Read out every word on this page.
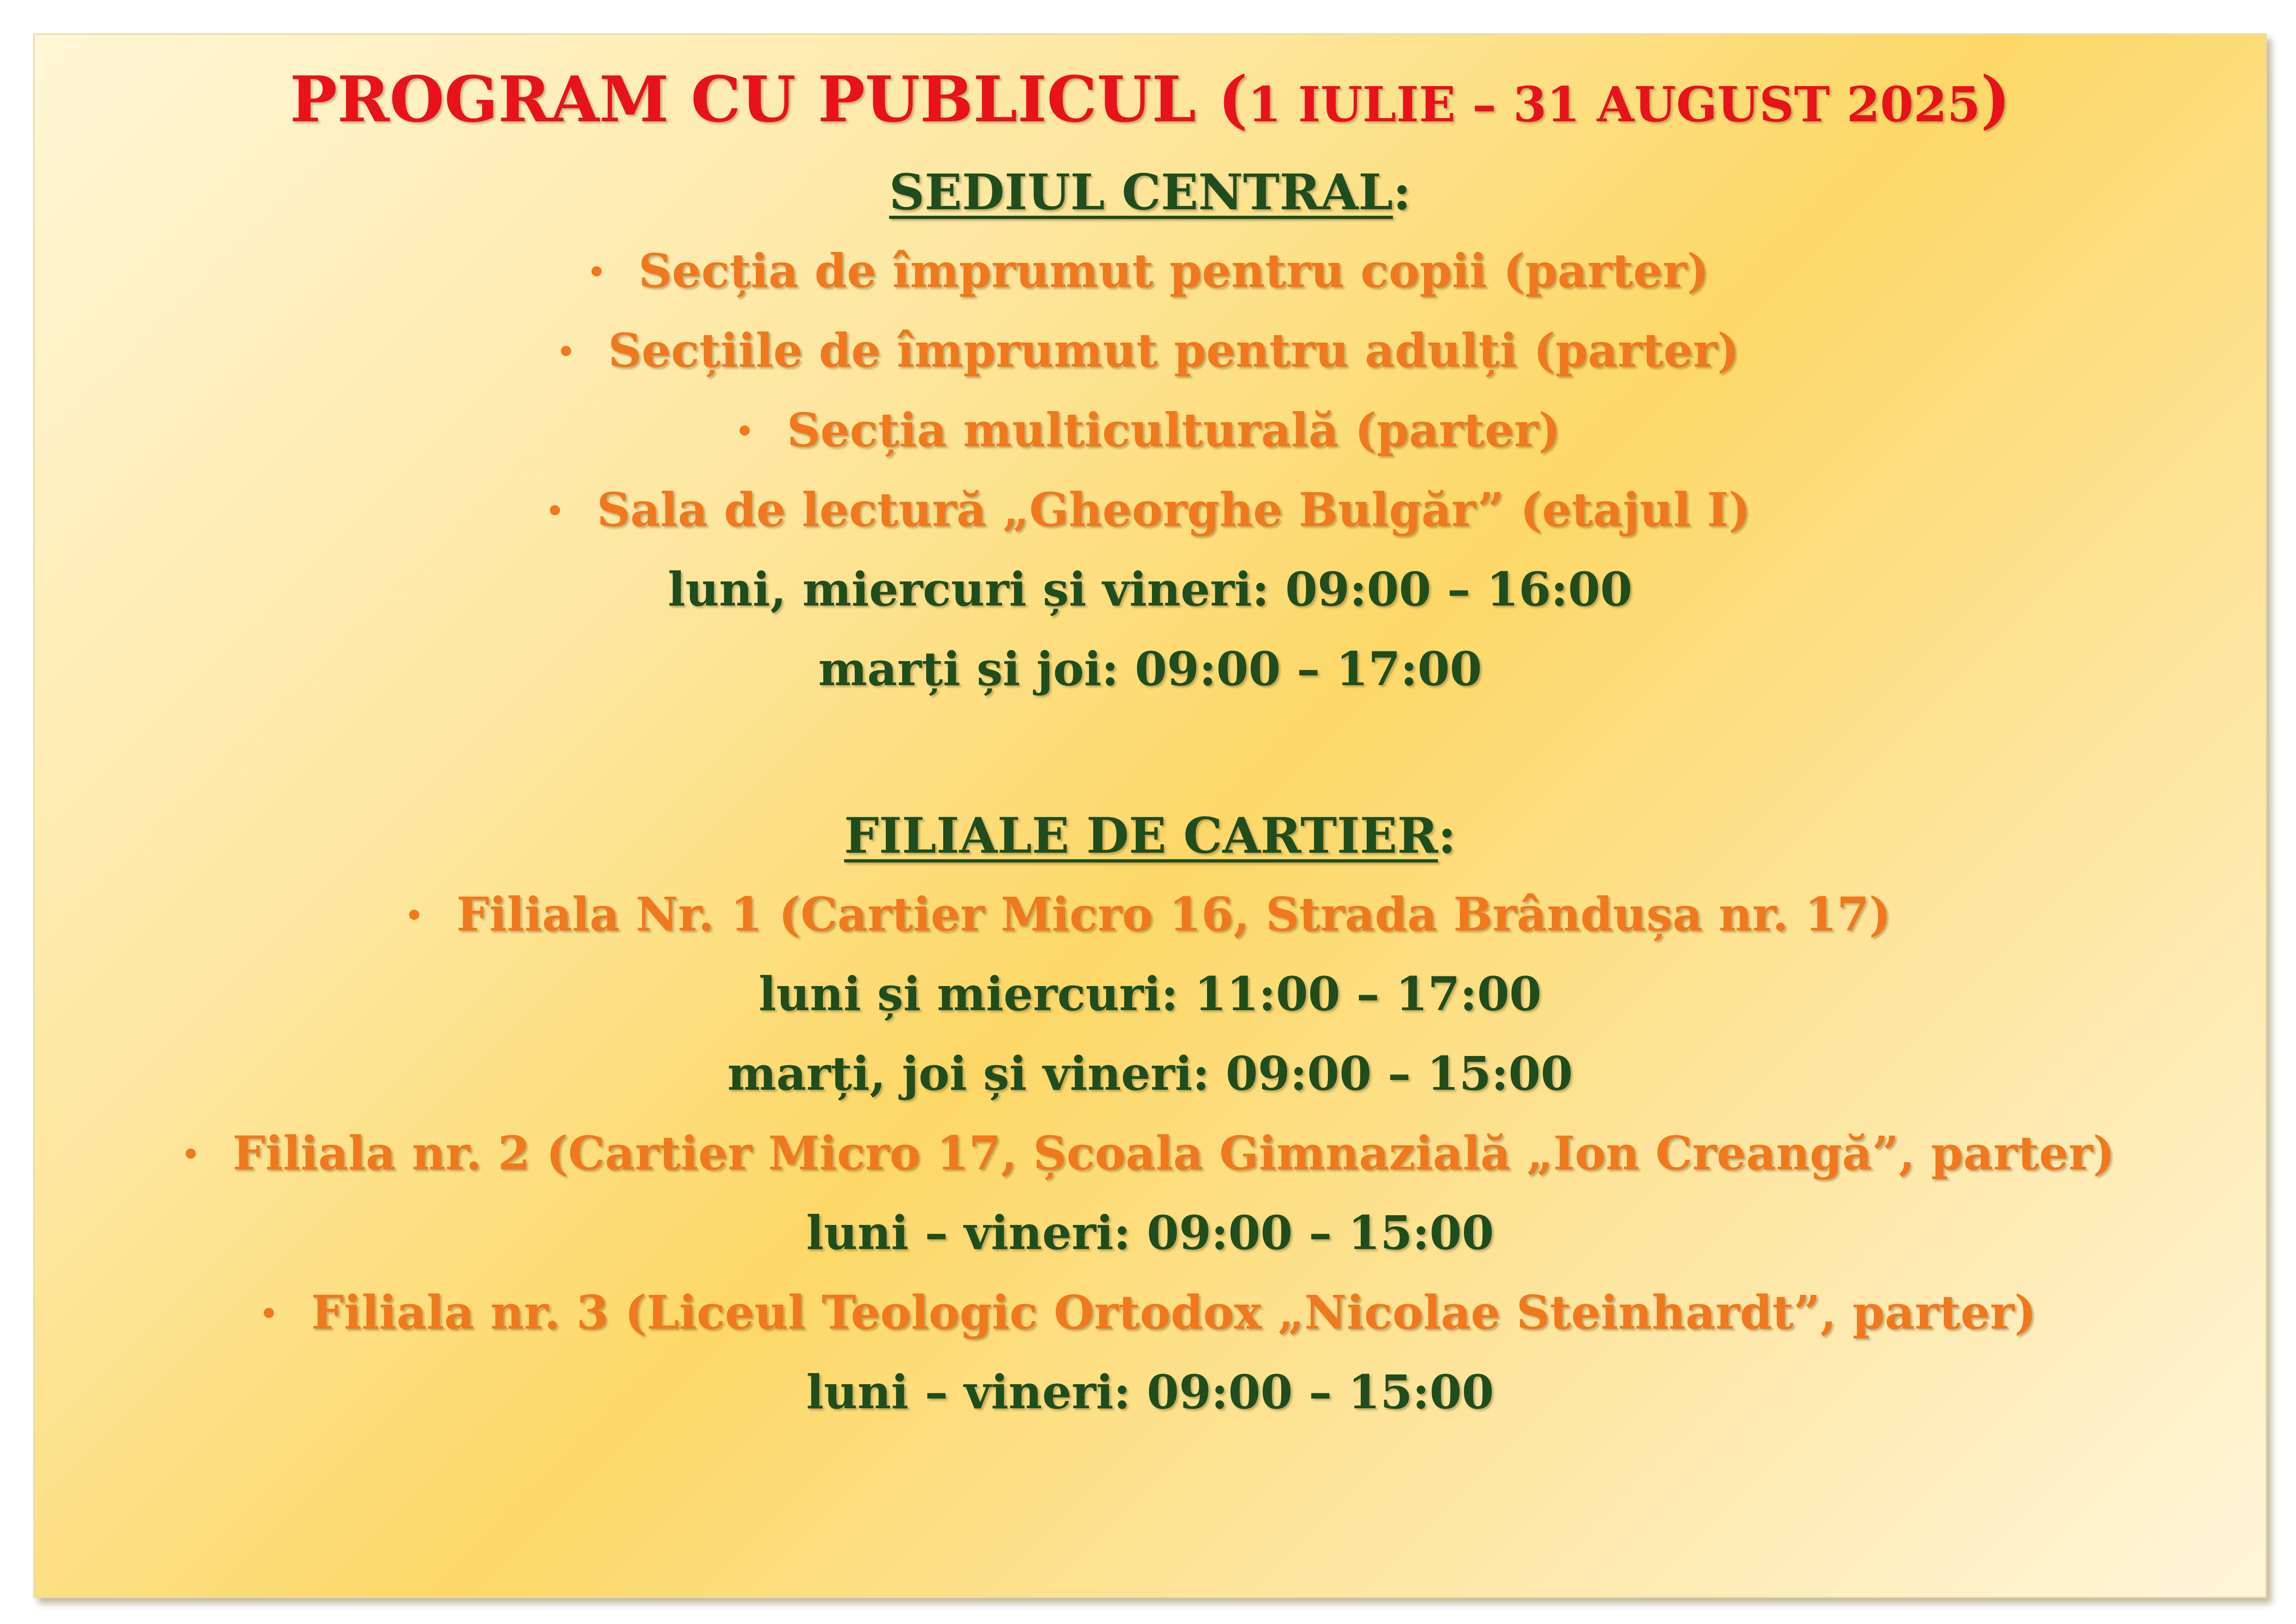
PROGRAM CU PUBLICUL (1 IULIE – 31 AUGUST 2025)
SEDIUL CENTRAL:
Secția de împrumut pentru copii (parter)
Secțiile de împrumut pentru adulți (parter)
Secția multiculturală (parter)
Sala de lectură „Gheorghe Bulgăr” (etajul I)
luni, miercuri și vineri: 09:00 – 16:00
marți și joi: 09:00 – 17:00
FILIALE DE CARTIER:
Filiala Nr. 1 (Cartier Micro 16, Strada Brândușa nr. 17)
luni și miercuri: 11:00 – 17:00
marți, joi și vineri: 09:00 – 15:00
Filiala nr. 2 (Cartier Micro 17, Școala Gimnazială „Ion Creangă”, parter)
luni – vineri: 09:00 – 15:00
Filiala nr. 3 (Liceul Teologic Ortodox „Nicolae Steinhardt”, parter)
luni – vineri: 09:00 – 15:00
